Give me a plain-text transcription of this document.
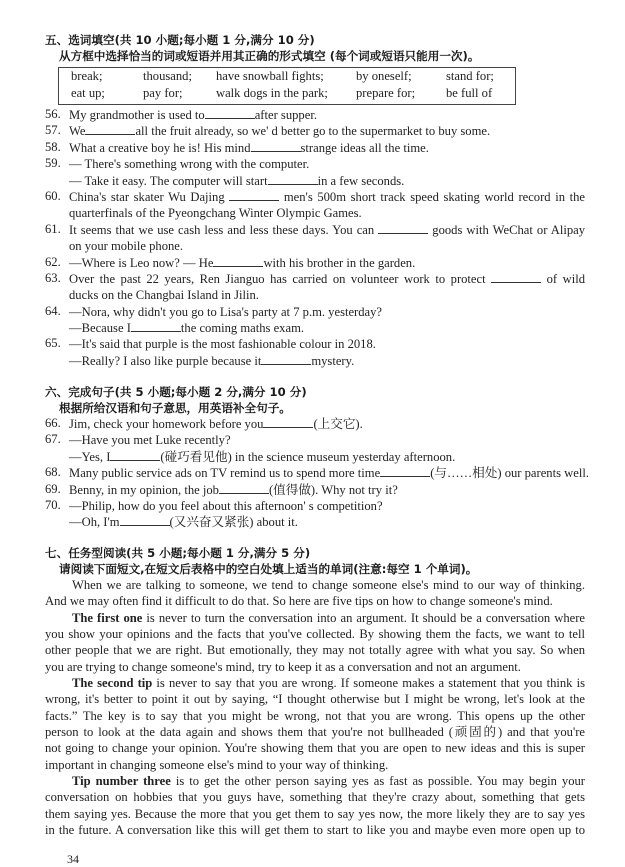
五、选词填空(共 10 小题;每小题 1 分,满分 10 分)
从方框中选择恰当的词或短语并用其正确的形式填空 (每个词或短语只能用一次)。
break;	thousand;	have snowball fights;	by oneself;	stand for;
eat up;	pay for;	walk dogs in the park;	prepare for;	be full of
56. My grandmother is used to	after supper.
57. We	all the fruit already, so we' d better go to the supermarket to buy some.
58. What a creative boy he is! His mind	strange ideas all the time.
59. — There's something wrong with the computer.
— Take it easy. The computer will start	in a few seconds.
60. China's star skater Wu Dajing	men's 500m short track speed skating world record in the
quarterfinals of the Pyeongchang Winter Olympic Games.
61. It seems that we use cash less and less these days. You can	goods with WeChat or Alipay
on your mobile phone.
62. —Where is Leo now? — He	with his brother in the garden.
63. Over the past 22 years, Ren Jianguo has carried on volunteer work to protect	of wild
ducks on the Changbai Island in Jilin.
64. —Nora, why didn't you go to Lisa's party at 7 p.m. yesterday?
—Because I	the coming maths exam.
65. —It's said that purple is the most fashionable colour in 2018.
—Really? I also like purple because it	mystery.
六、完成句子(共 5 小题;每小题 2 分,满分 10 分)
根据所给汉语和句子意思，用英语补全句子。
66. Jim, check your homework before you	(上交它).
67. —Have you met Luke recently?
—Yes, I	(碰巧看见他) in the science museum yesterday afternoon.
68. Many public service ads on TV remind us to spend more time	(与……相处) our parents well.
69. Benny, in my opinion, the job	(值得做). Why not try it?
70. —Philip, how do you feel about this afternoon' s competition?
—Oh, I'm	(又兴奋又紧张) about it.
七、任务型阅读(共 5 小题;每小题 1 分,满分 5 分)
请阅读下面短文,在短文后表格中的空白处填上适当的单词(注意:每空 1 个单词)。
When we are talking to someone, we tend to change someone else's mind to our way of thinking.
And we may often find it difficult to do that. So here are five tips on how to change someone's mind.
The first one is never to turn the conversation into an argument. It should be a conversation where
you show your opinions and the facts that you've collected. By showing them the facts, we want to tell
other people that we are right. But emotionally, they may not totally agree with what you say. So when
you are trying to change someone's mind, try to keep it as a conversation and not an argument.
The second tip is never to say that you are wrong. If someone makes a statement that you think is
wrong, it's better to point it out by saying, “I thought otherwise but I might be wrong, let's look at the
facts.” The key is to say that you might be wrong, not that you are wrong. This opens up the other
person to look at the data again and shows them that you're not bullheaded (顽固的) and that you're
not going to change your opinion. You're showing them that you are open to new ideas and this is super
important in changing someone else's mind to your way of thinking.
Tip number three is to get the other person saying yes as fast as possible. You may begin your
conversation on hobbies that you guys have, something that they're crazy about, something that gets
them saying yes. Because the more that you get them to say yes now, the more likely they are to say yes
in the future. A conversation like this will get them to start to like you and maybe even more open up to
34
